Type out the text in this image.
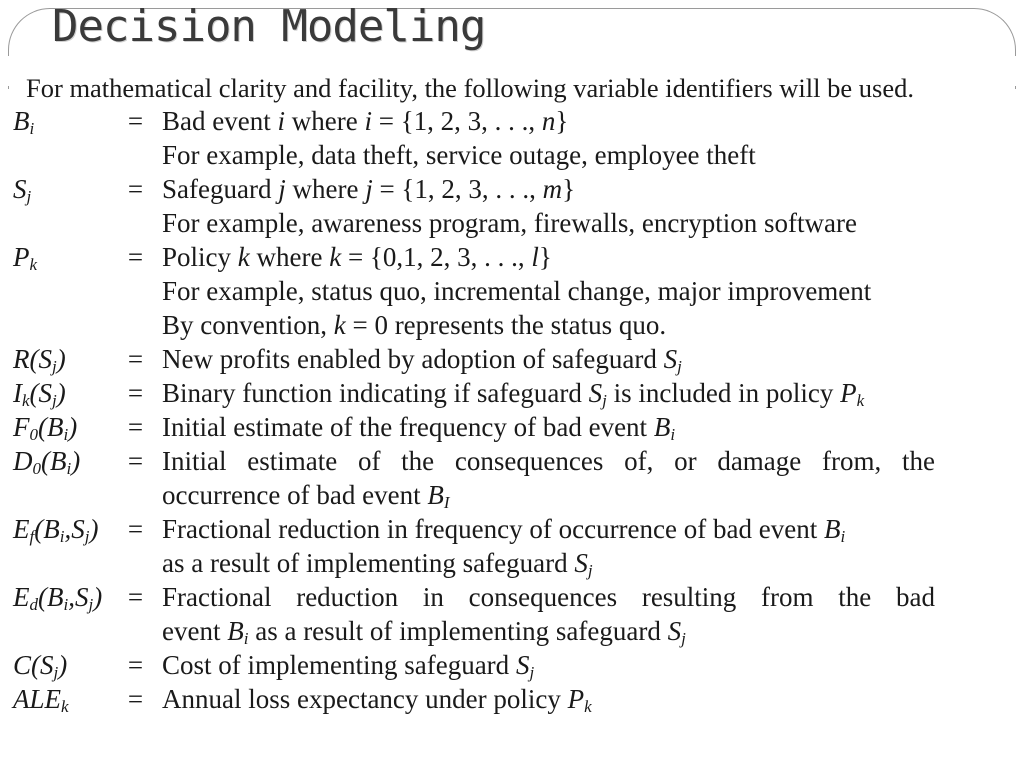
Decision Modeling
For mathematical clarity and facility, the following variable identifiers will be used.
$B_i$	= Bad event i where i = {1, 2, 3, . . ., n}
For example, data theft, service outage, employee theft
$S_j$	= Safeguard j where j = {1, 2, 3, . . ., m}
For example, awareness program, firewalls, encryption software
$P_k$	= Policy k where k = {0,1, 2, 3, . . ., l}
For example, status quo, incremental change, major improvement
By convention, k = 0 represents the status quo.
$R(S_j)$	= New profits enabled by adoption of safeguard $S_j$
$I_k(S_j)$	= Binary function indicating if safeguard $S_j$ is included in policy $P_k$
$F_0(B_i)$	= Initial estimate of the frequency of bad event $B_i$
$D_0(B_i)$	= Initial estimate of the consequences of, or damage from, the
occurrence of bad event $B_I$
$E_f(B_i,S_j)$	= Fractional reduction in frequency of occurrence of bad event $B_i$
as a result of implementing safeguard $S_j$
$E_d(B_i,S_j)$ = Fractional reduction in consequences resulting from the bad
event $B_i$ as a result of implementing safeguard $S_j$
$C(S_j)$	= Cost of implementing safeguard $S_j$
$ALE_k$	= Annual loss expectancy under policy $P_k$
